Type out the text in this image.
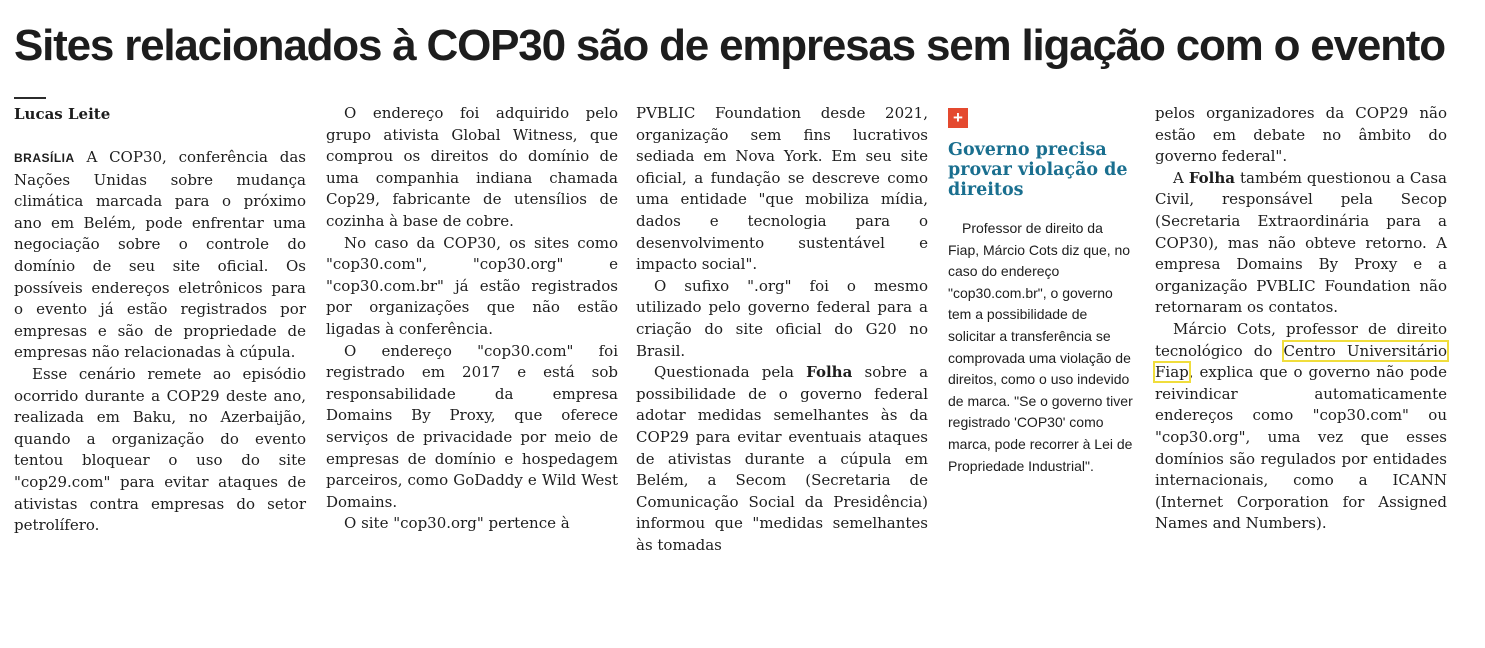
Sites relacionados à COP30 são de empresas sem ligação com o evento
Lucas Leite

BRASÍLIA A COP30, conferência das Nações Unidas sobre mudança climática marcada para o próximo ano em Belém, pode enfrentar uma negociação sobre o controle do domínio de seu site oficial. Os possíveis endereços eletrônicos para o evento já estão registrados por empresas e são de propriedade de empresas não relacionadas à cúpula.

Esse cenário remete ao episódio ocorrido durante a COP29 deste ano, realizada em Baku, no Azerbaijão, quando a organização do evento tentou bloquear o uso do site "cop29.com" para evitar ataques de ativistas contra empresas do setor petrolífero.

O endereço foi adquirido pelo grupo ativista Global Witness, que comprou os direitos do domínio de uma companhia indiana chamada Cop29, fabricante de utensílios de cozinha à base de cobre.

No caso da COP30, os sites como "cop30.com", "cop30.org" e "cop30.com.br" já estão registrados por organizações que não estão ligadas à conferência.

O endereço "cop30.com" foi registrado em 2017 e está sob responsabilidade da empresa Domains By Proxy, que oferece serviços de privacidade por meio de empresas de domínio e hospedagem parceiros, como GoDaddy e Wild West Domains.

O site "cop30.org" pertence à

PVBLIC Foundation desde 2021, organização sem fins lucrativos sediada em Nova York. Em seu site oficial, a fundação se descreve como uma entidade "que mobiliza mídia, dados e tecnologia para o desenvolvimento sustentável e impacto social".

O sufixo ".org" foi o mesmo utilizado pelo governo federal para a criação do site oficial do G20 no Brasil.

Questionada pela Folha sobre a possibilidade de o governo federal adotar medidas semelhantes às da COP29 para evitar eventuais ataques de ativistas durante a cúpula em Belém, a Secom (Secretaria de Comunicação Social da Presidência) informou que "medidas semelhantes às tomadas

+
Governo precisa provar violação de direitos
Professor de direito da Fiap, Márcio Cots diz que, no caso do endereço "cop30.com.br", o governo tem a possibilidade de solicitar a transferência se comprovada uma violação de direitos, como o uso indevido de marca. "Se o governo tiver registrado 'COP30' como marca, pode recorrer à Lei de Propriedade Industrial".

pelos organizadores da COP29 não estão em debate no âmbito do governo federal".

A Folha também questionou a Casa Civil, responsável pela Secop (Secretaria Extraordinária para a COP30), mas não obteve retorno. A empresa Domains By Proxy e a organização PVBLIC Foundation não retornaram os contatos.

Márcio Cots, professor de direito tecnológico do Centro Universitário Fiap, explica que o governo não pode reivindicar automaticamente endereços como "cop30.com" ou "cop30.org", uma vez que esses domínios são regulados por entidades internacionais, como a ICANN (Internet Corporation for Assigned Names and Numbers).
